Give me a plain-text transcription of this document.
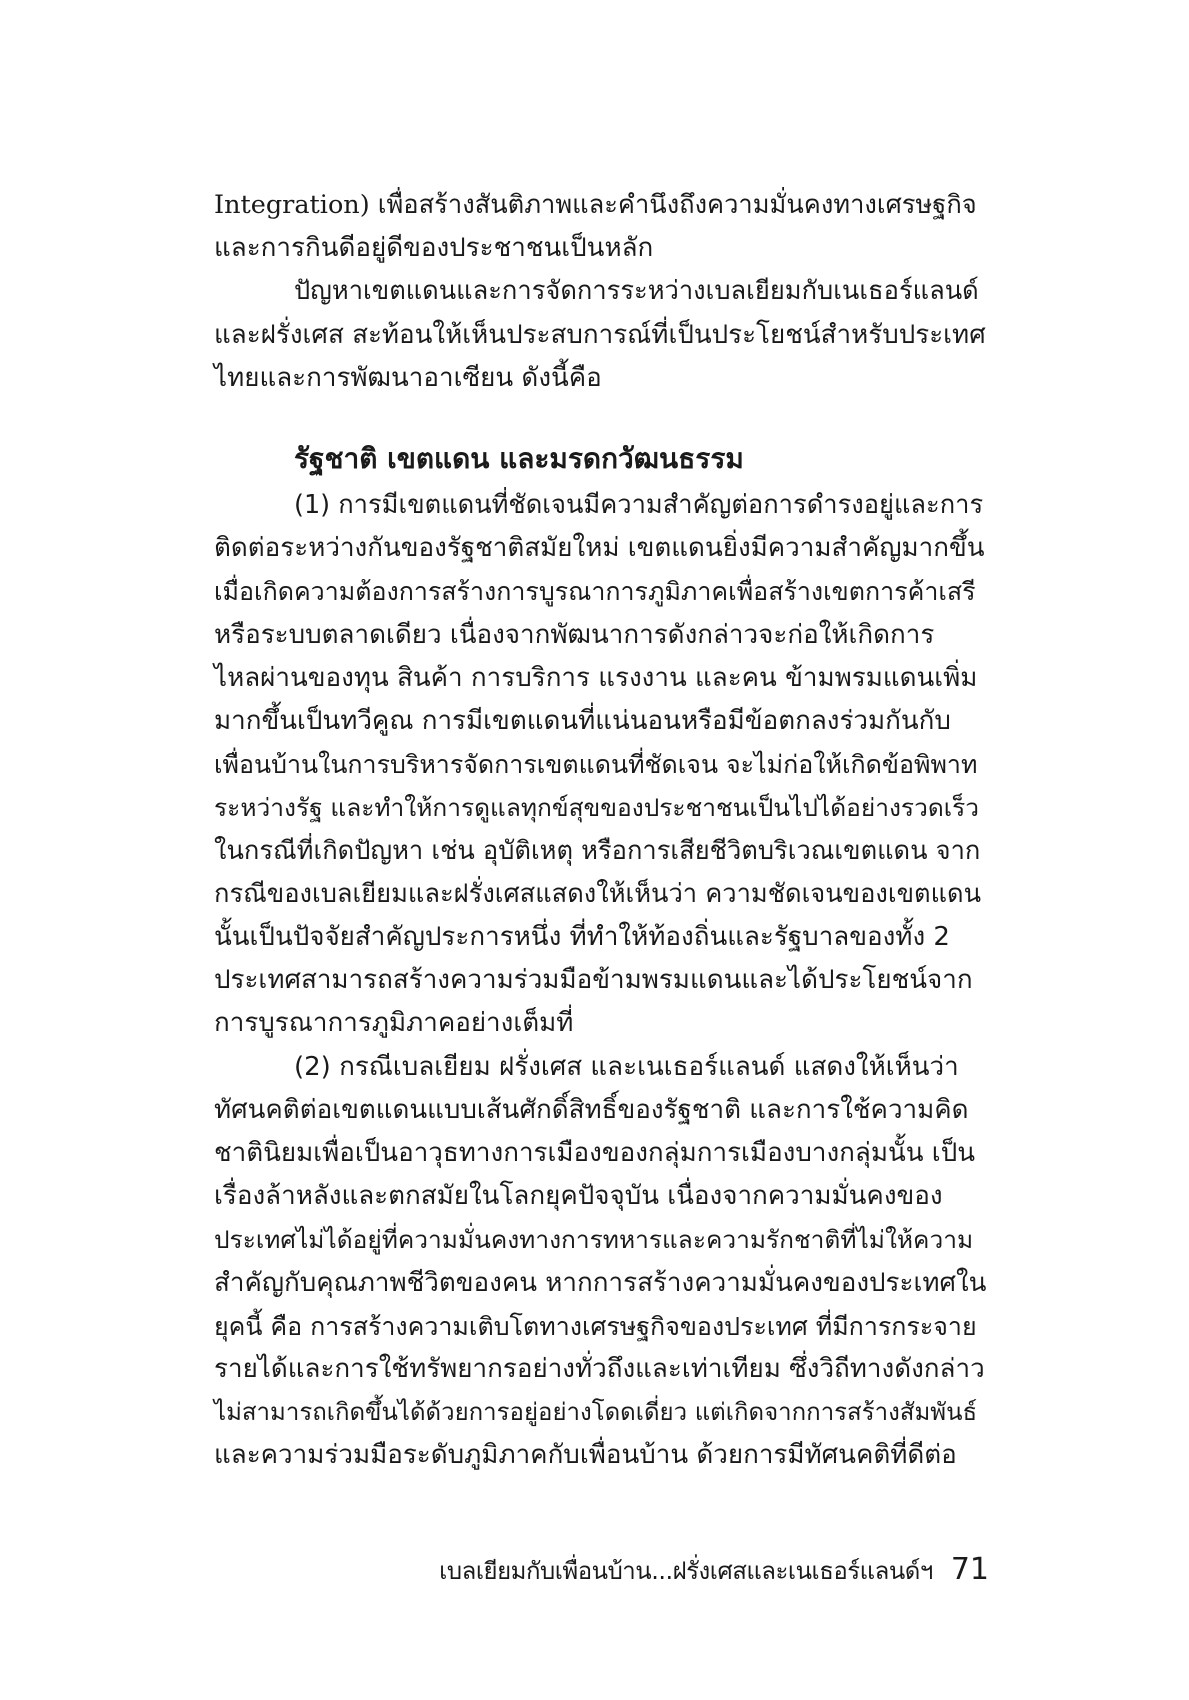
Integration) เพื่อสร้างสันติภาพและคำนึงถึงความมั่นคงทางเศรษฐกิจ
และการกินดีอยู่ดีของประชาชนเป็นหลัก
ปัญหาเขตแดนและการจัดการระหว่างเบลเยียมกับเนเธอร์แลนด์
และฝรั่งเศส สะท้อนให้เห็นประสบการณ์ที่เป็นประโยชน์สำหรับประเทศ
ไทยและการพัฒนาอาเซียน ดังนี้คือ
รัฐชาติ เขตแดน และมรดกวัฒนธรรม
(1) การมีเขตแดนที่ชัดเจนมีความสำคัญต่อการดำรงอยู่และการ
ติดต่อระหว่างกันของรัฐชาติสมัยใหม่ เขตแดนยิ่งมีความสำคัญมากขึ้น
เมื่อเกิดความต้องการสร้างการบูรณาการภูมิภาคเพื่อสร้างเขตการค้าเสรี
หรือระบบตลาดเดียว เนื่องจากพัฒนาการดังกล่าวจะก่อให้เกิดการ
ไหลผ่านของทุน สินค้า การบริการ แรงงาน และคน ข้ามพรมแดนเพิ่ม
มากขึ้นเป็นทวีคูณ การมีเขตแดนที่แน่นอนหรือมีข้อตกลงร่วมกันกับ
เพื่อนบ้านในการบริหารจัดการเขตแดนที่ชัดเจน จะไม่ก่อให้เกิดข้อพิพาท
ระหว่างรัฐ และทำให้การดูแลทุกข์สุขของประชาชนเป็นไปได้อย่างรวดเร็ว
ในกรณีที่เกิดปัญหา เช่น อุบัติเหตุ หรือการเสียชีวิตบริเวณเขตแดน จาก
กรณีของเบลเยียมและฝรั่งเศสแสดงให้เห็นว่า ความชัดเจนของเขตแดน
นั้นเป็นปัจจัยสำคัญประการหนึ่ง ที่ทำให้ท้องถิ่นและรัฐบาลของทั้ง 2
ประเทศสามารถสร้างความร่วมมือข้ามพรมแดนและได้ประโยชน์จาก
การบูรณาการภูมิภาคอย่างเต็มที่
(2) กรณีเบลเยียม ฝรั่งเศส และเนเธอร์แลนด์ แสดงให้เห็นว่า
ทัศนคติต่อเขตแดนแบบเส้นศักดิ์สิทธิ์ของรัฐชาติ และการใช้ความคิด
ชาตินิยมเพื่อเป็นอาวุธทางการเมืองของกลุ่มการเมืองบางกลุ่มนั้น เป็น
เรื่องล้าหลังและตกสมัยในโลกยุคปัจจุบัน เนื่องจากความมั่นคงของ
ประเทศไม่ได้อยู่ที่ความมั่นคงทางการทหารและความรักชาติที่ไม่ให้ความ
สำคัญกับคุณภาพชีวิตของคน หากการสร้างความมั่นคงของประเทศใน
ยุคนี้ คือ การสร้างความเติบโตทางเศรษฐกิจของประเทศ ที่มีการกระจาย
รายได้และการใช้ทรัพยากรอย่างทั่วถึงและเท่าเทียม ซึ่งวิถีทางดังกล่าว
ไม่สามารถเกิดขึ้นได้ด้วยการอยู่อย่างโดดเดี่ยว แต่เกิดจากการสร้างสัมพันธ์
และความร่วมมือระดับภูมิภาคกับเพื่อนบ้าน ด้วยการมีทัศนคติที่ดีต่อ
เบลเยียมกับเพื่อนบ้าน...ฝรั่งเศสและเนเธอร์แลนด์ฯ 71
